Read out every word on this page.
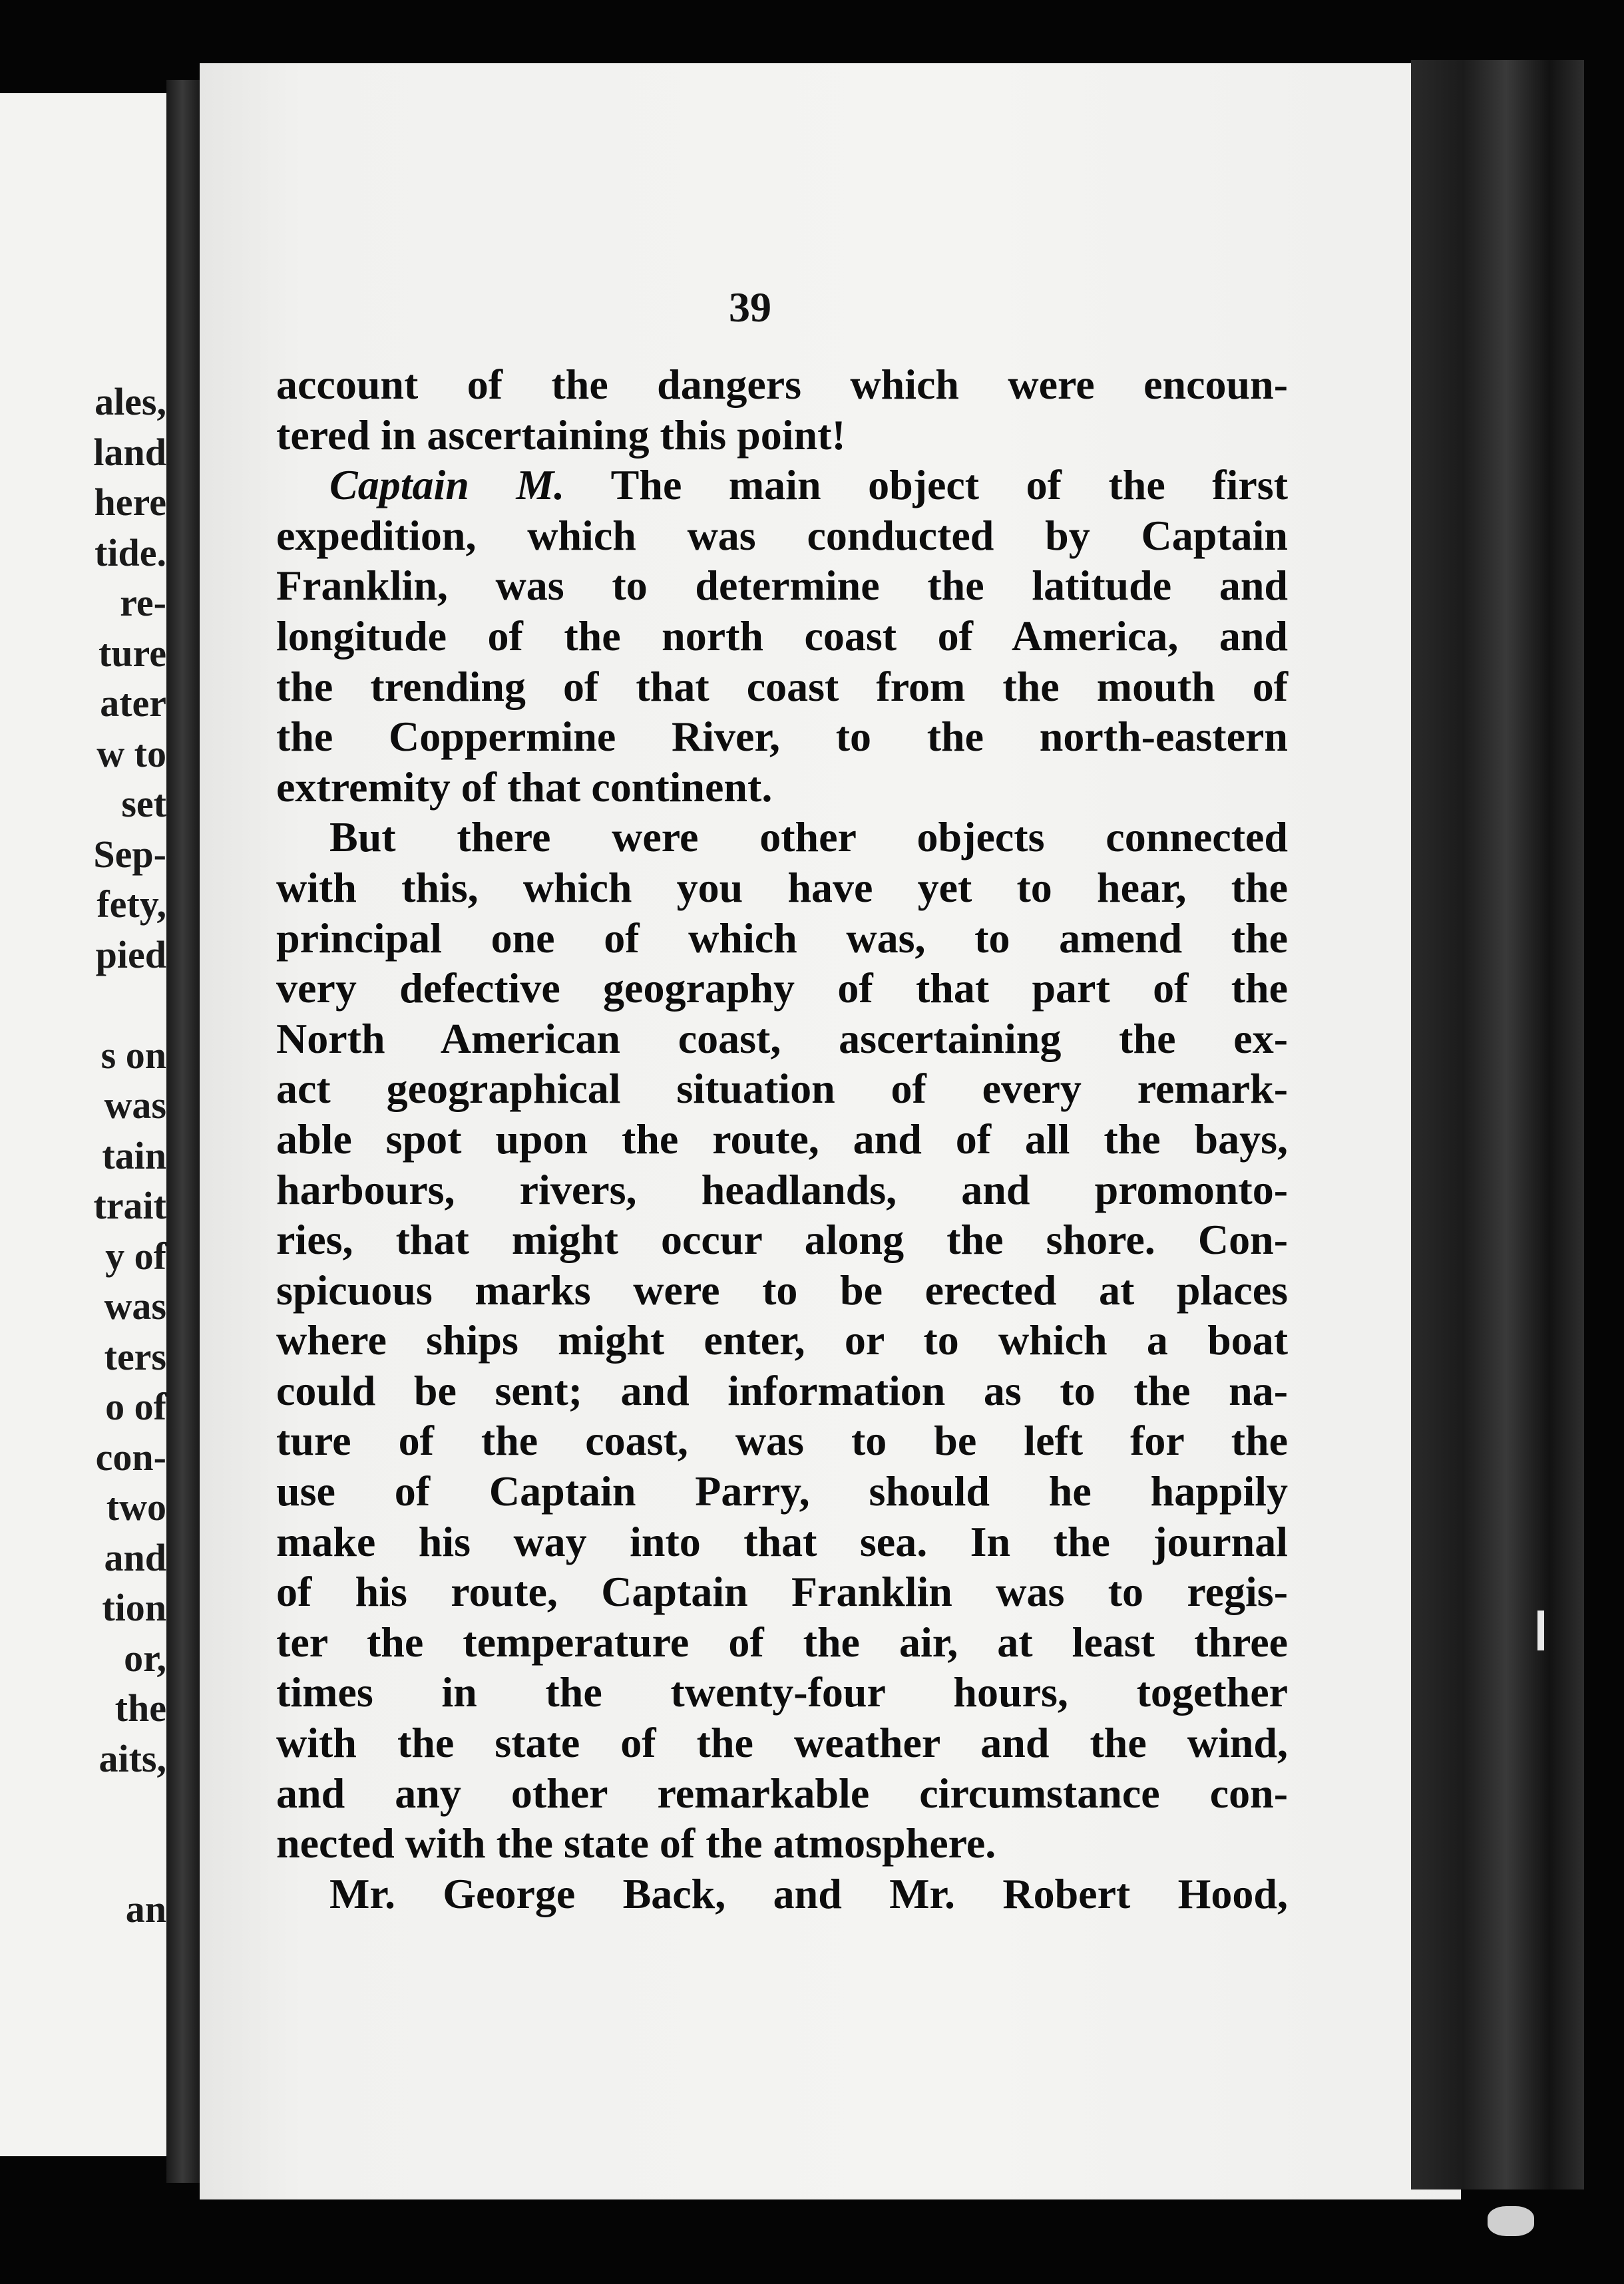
ales,
land
here
tide.
re-
ture
ater
w to
set
Sep-
fety,
pied
s on
was
tain
trait
y of
was
ters
o of
con-
two
and
tion
or,
the
aits,
an
39
account of the dangers which were encoun-
tered in ascertaining this point!
Captain M. The main object of the first
expedition, which was conducted by Captain
Franklin, was to determine the latitude and
longitude of the north coast of America, and
the trending of that coast from the mouth of
the Coppermine River, to the north-eastern
extremity of that continent.
But there were other objects connected
with this, which you have yet to hear, the
principal one of which was, to amend the
very defective geography of that part of the
North American coast, ascertaining the ex-
act geographical situation of every remark-
able spot upon the route, and of all the bays,
harbours, rivers, headlands, and promonto-
ries, that might occur along the shore. Con-
spicuous marks were to be erected at places
where ships might enter, or to which a boat
could be sent; and information as to the na-
ture of the coast, was to be left for the
use of Captain Parry, should he happily
make his way into that sea. In the journal
of his route, Captain Franklin was to regis-
ter the temperature of the air, at least three
times in the twenty-four hours, together
with the state of the weather and the wind,
and any other remarkable circumstance con-
nected with the state of the atmosphere.
Mr. George Back, and Mr. Robert Hood,
